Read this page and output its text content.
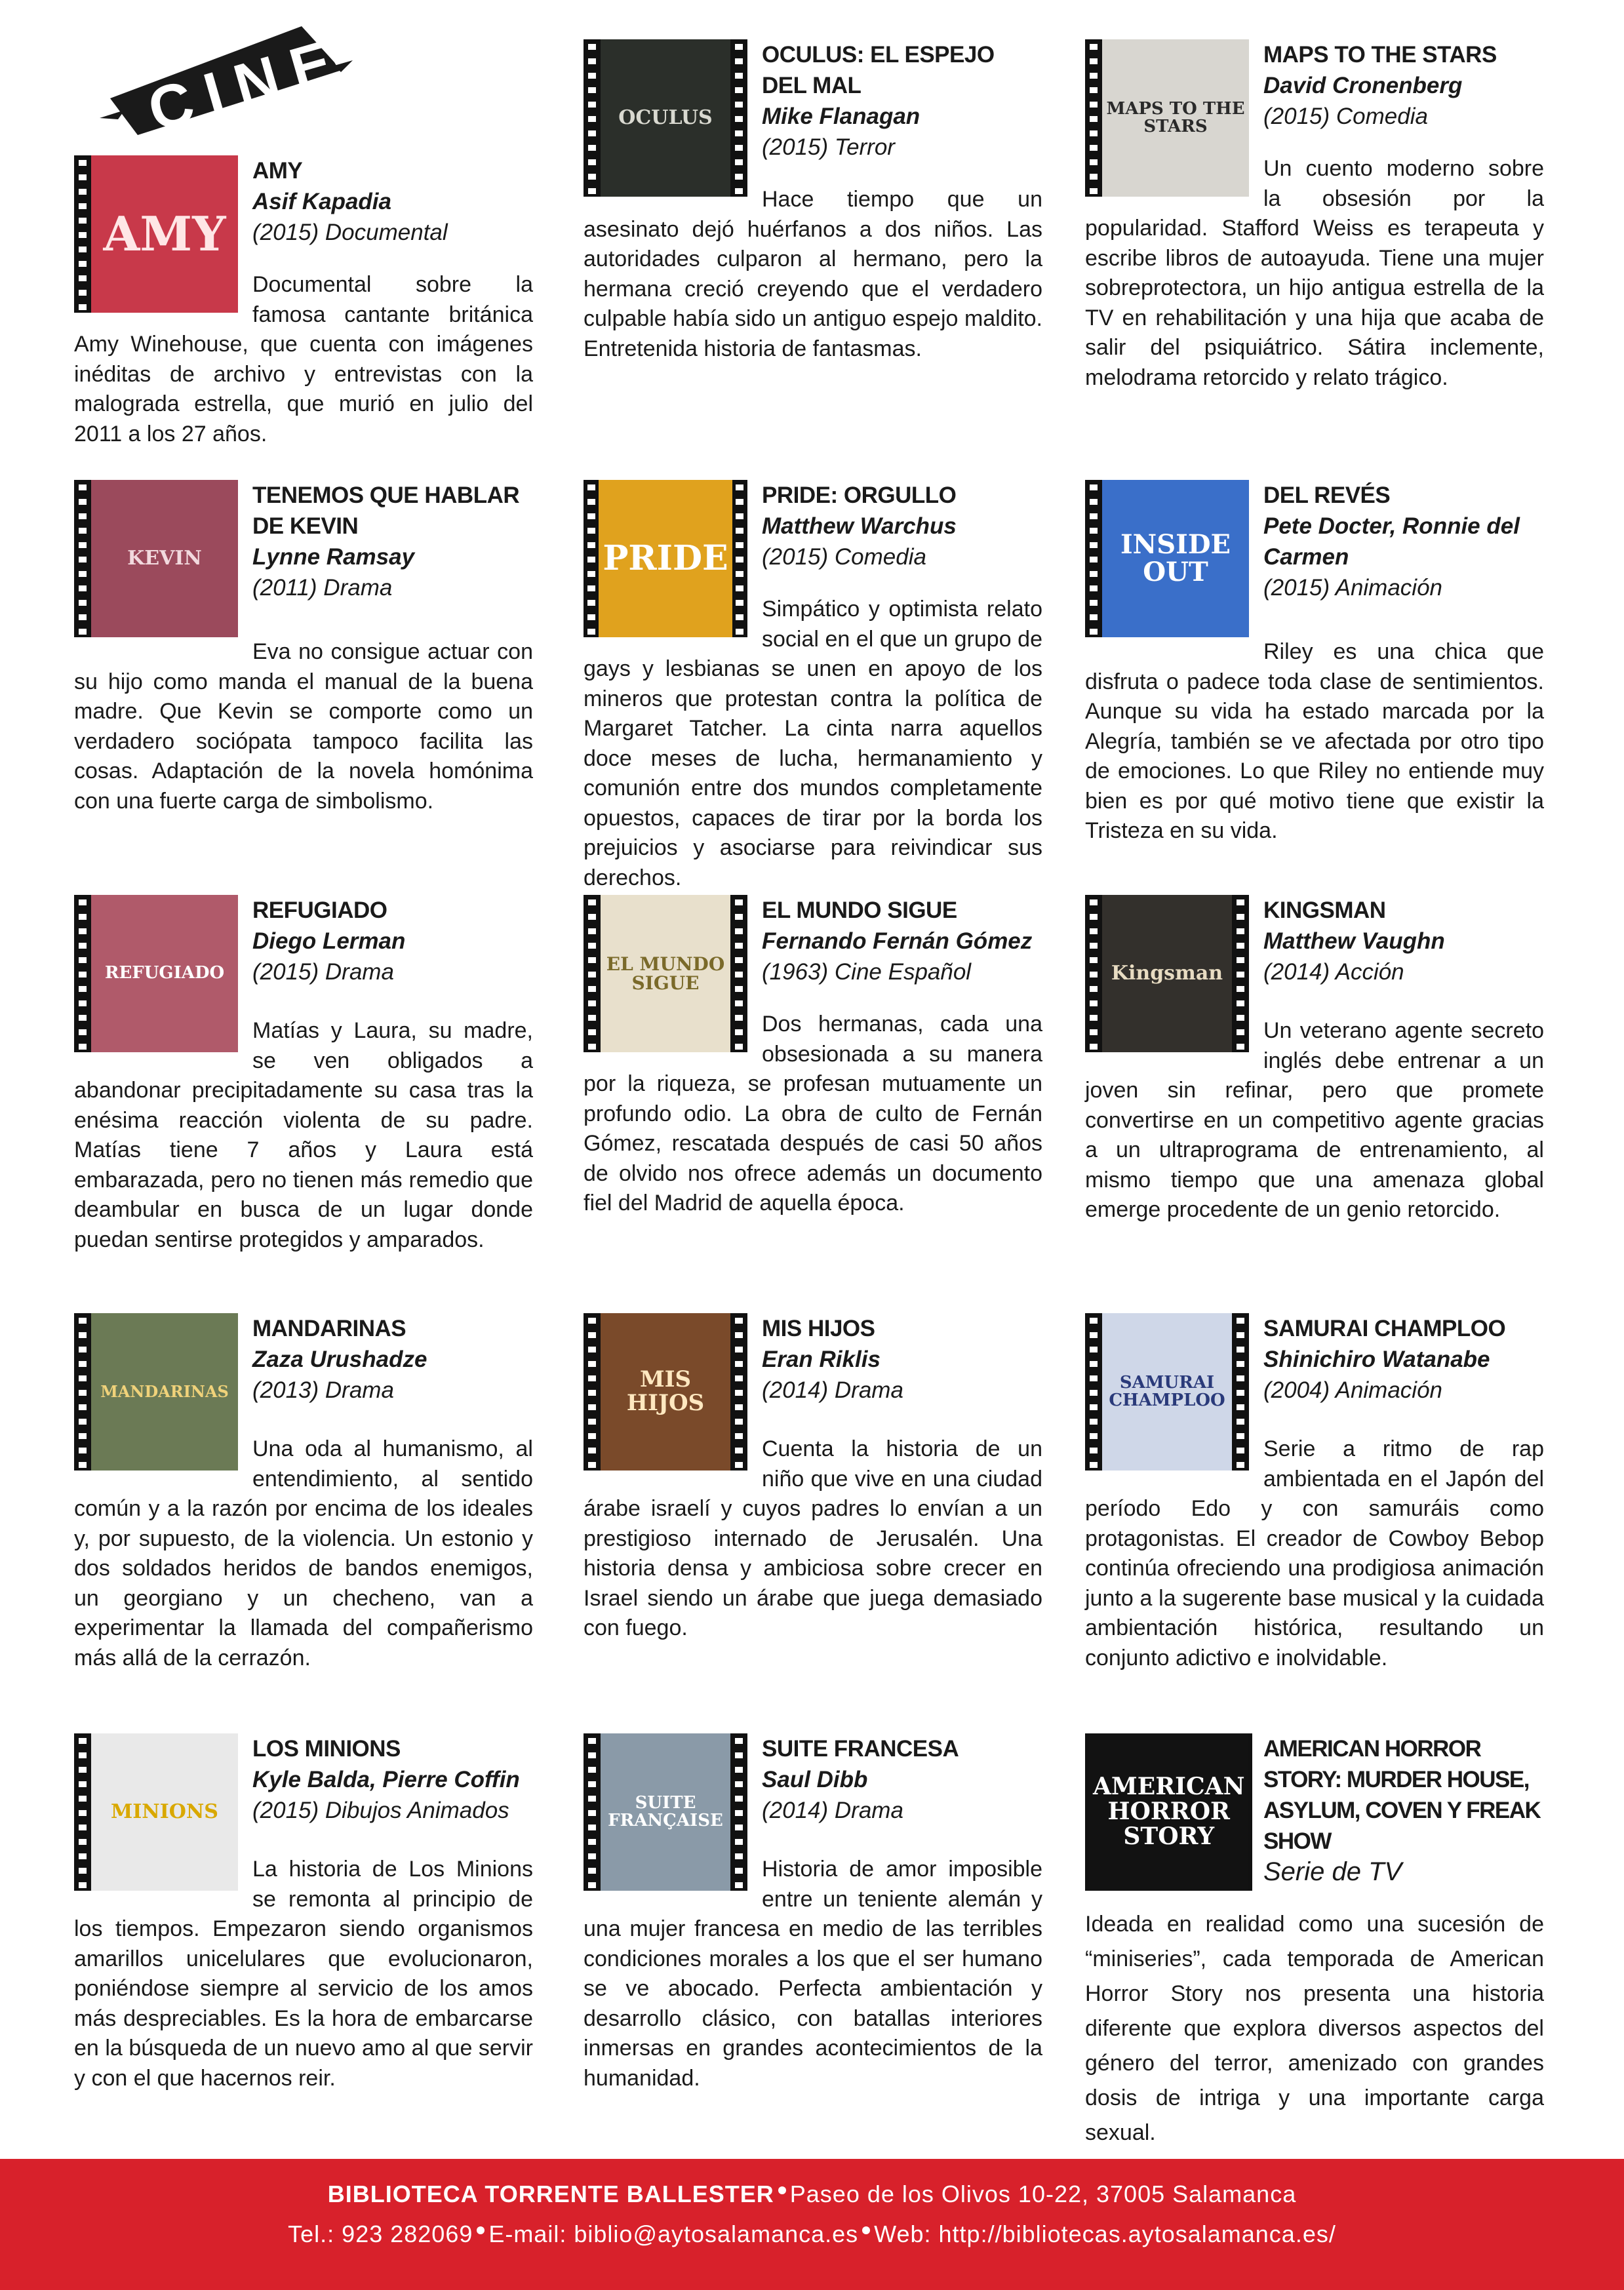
CINE
AMY
AMY
Asif Kapadia
(2015) Documental
Documental sobre la famosa cantante británica Amy Winehouse, que cuenta con imágenes inéditas de archivo y entrevistas con la malograda estrella, que murió en julio del 2011 a los 27 años.
OCULUS
OCULUS: EL ESPEJO DEL MAL
Mike Flanagan
(2015) Terror
Hace tiempo que un asesinato dejó huérfanos a dos niños. Las autoridades culparon al hermano, pero la hermana creció creyendo que el verdadero culpable había sido un antiguo espejo maldito. Entretenida historia de fantasmas.
MAPS TO THE STARS
MAPS TO THE STARS
David Cronenberg
(2015) Comedia
Un cuento moderno sobre la obsesión por la popularidad. Stafford Weiss es terapeuta y escribe libros de autoayuda. Tiene una mujer sobreprotectora, un hijo antigua estrella de la TV en rehabilitación y una hija que acaba de salir del psiquiátrico. Sátira inclemente, melodrama retorcido y relato trágico.
KEVIN
TENEMOS QUE HABLAR DE KEVIN
Lynne Ramsay
(2011) Drama
Eva no consigue actuar con su hijo como manda el manual de la buena madre. Que Kevin se comporte como un verdadero sociópata tampoco facilita las cosas. Adaptación de la novela homónima con una fuerte carga de simbolismo.
PRIDE
PRIDE: ORGULLO
Matthew Warchus
(2015) Comedia
Simpático y optimista relato social en el que un grupo de gays y lesbianas se unen en apoyo de los mineros que protestan contra la política de Margaret Tatcher. La cinta narra aquellos doce meses de lucha, hermanamiento y comunión entre dos mundos completamente opuestos, capaces de tirar por la borda los prejuicios y asociarse para reivindicar sus derechos.
INSIDE OUT
DEL REVÉS
Pete Docter, Ronnie del Carmen
(2015) Animación
Riley es una chica que disfruta o padece toda clase de sentimientos. Aunque su vida ha estado marcada por la Alegría, también se ve afectada por otro tipo de emociones. Lo que Riley no entiende muy bien es por qué motivo tiene que existir la Tristeza en su vida.
REFUGIADO
REFUGIADO
Diego Lerman
(2015) Drama
Matías y Laura, su madre, se ven obligados a abandonar precipitadamente su casa tras la enésima reacción violenta de su padre. Matías tiene 7 años y Laura está embarazada, pero no tienen más remedio que deambular en busca de un lugar donde puedan sentirse protegidos y amparados.
EL MUNDO SIGUE
EL MUNDO SIGUE
Fernando Fernán Gómez
(1963) Cine Español
Dos hermanas, cada una obsesionada a su manera por la riqueza, se profesan mutuamente un profundo odio. La obra de culto de Fernán Gómez, rescatada después de casi 50 años de olvido nos ofrece además un documento fiel del Madrid de aquella época.
Kingsman
KINGSMAN
Matthew Vaughn
(2014) Acción
Un veterano agente secreto inglés debe entrenar a un joven sin refinar, pero que promete convertirse en un competitivo agente gracias a un ultraprograma de entrenamiento, al mismo tiempo que una amenaza global emerge procedente de un genio retorcido.
MANDARINAS
MANDARINAS
Zaza Urushadze
(2013) Drama
Una oda al humanismo, al entendimiento, al sentido común y a la razón por encima de los ideales y, por supuesto, de la violencia. Un estonio y dos soldados heridos de bandos enemigos, un georgiano y un checheno, van a experimentar la llamada del compañerismo más allá de la cerrazón.
MIS HIJOS
MIS HIJOS
Eran Riklis
(2014) Drama
Cuenta la historia de un niño que vive en una ciudad árabe israelí y cuyos padres lo envían a un prestigioso internado de Jerusalén. Una historia densa y ambiciosa sobre crecer en Israel siendo un árabe que juega demasiado con fuego.
SAMURAI CHAMPLOO
SAMURAI CHAMPLOO
Shinichiro Watanabe
(2004) Animación
Serie a ritmo de rap ambientada en el Japón del período Edo y con samuráis como protagonistas. El creador de Cowboy Bebop continúa ofreciendo una prodigiosa animación junto a la sugerente base musical y la cuidada ambientación histórica, resultando un conjunto adictivo e inolvidable.
MINIONS
LOS MINIONS
Kyle Balda, Pierre Coffin
(2015) Dibujos Animados
La historia de Los Minions se remonta al principio de los tiempos. Empezaron siendo organismos amarillos unicelulares que evolucionaron, poniéndose siempre al servicio de los amos más despreciables. Es la hora de embarcarse en la búsqueda de un nuevo amo al que servir y con el que hacernos reir.
SUITE FRANÇAISE
SUITE FRANCESA
Saul Dibb
(2014) Drama
Historia de amor imposible entre un teniente alemán y una mujer francesa en medio de las terribles condiciones morales a los que el ser humano se ve abocado. Perfecta ambientación y desarrollo clásico, con batallas interiores inmersas en grandes acontecimientos de la humanidad.
AMERICAN HORROR STORY
AMERICAN HORROR STORY: MURDER HOUSE, ASYLUM, COVEN Y FREAK SHOW
Serie de TV
Ideada en realidad como una sucesión de “miniseries”, cada temporada de American Horror Story nos presenta una historia diferente que explora diversos aspectos del género del terror, amenizado con grandes dosis de intriga y una importante carga sexual.
BIBLIOTECA TORRENTE BALLESTER Paseo de los Olivos 10-22, 37005 Salamanca
Tel.: 923 282069 E-mail: biblio@aytosalamanca.es Web: http://bibliotecas.aytosalamanca.es/
